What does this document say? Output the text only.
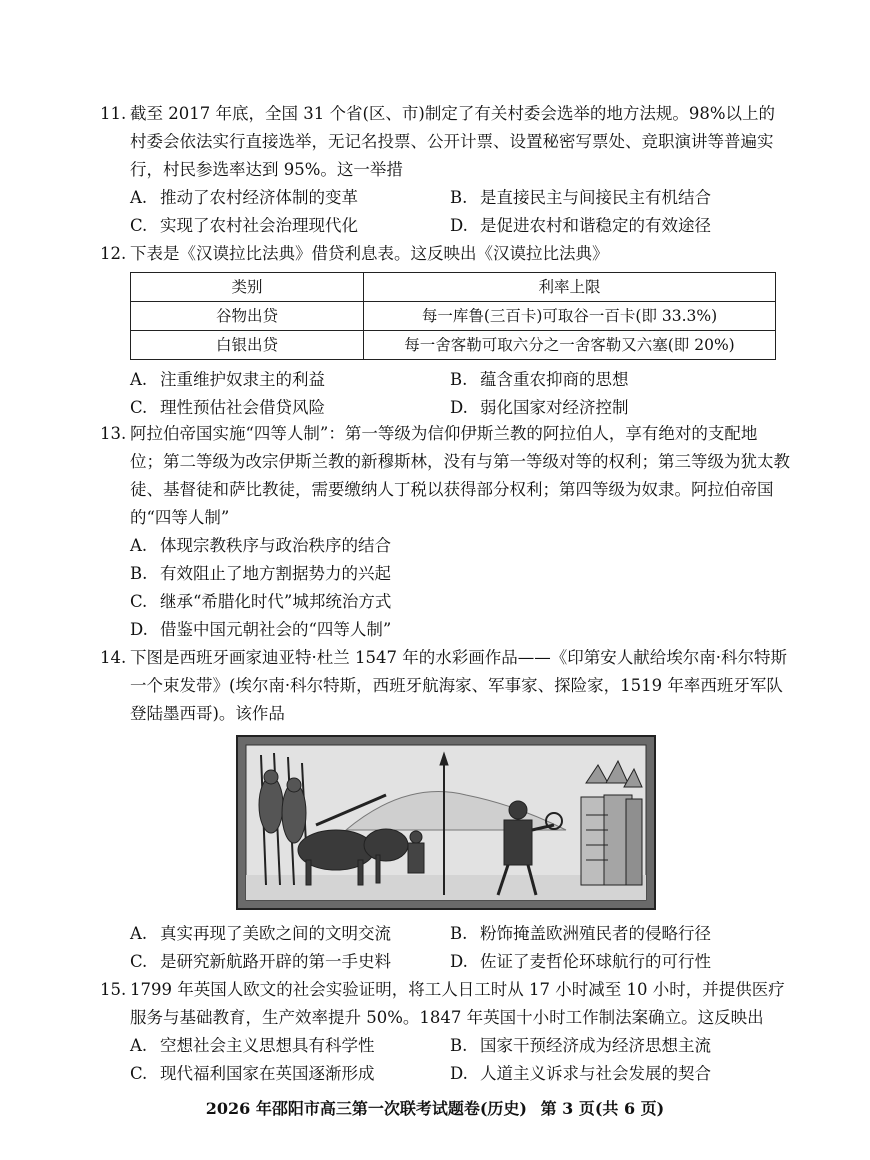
11. 截至 2017 年底，全国 31 个省(区、市)制定了有关村委会选举的地方法规。98%以上的村委会依法实行直接选举，无记名投票、公开计票、设置秘密写票处、竞职演讲等普遍实行，村民参选率达到 95%。这一举措
A. 推动了农村经济体制的变革	B. 是直接民主与间接民主有机结合
C. 实现了农村社会治理现代化	D. 是促进农村和谐稳定的有效途径
12. 下表是《汉谟拉比法典》借贷利息表。这反映出《汉谟拉比法典》
类别	利率上限
谷物出贷	每一库鲁(三百卡)可取谷一百卡(即 33.3%)
白银出贷	每一舍客勒可取六分之一舍客勒又六塞(即 20%)
A. 注重维护奴隶主的利益	B. 蕴含重农抑商的思想
C. 理性预估社会借贷风险	D. 弱化国家对经济控制
13. 阿拉伯帝国实施“四等人制”：第一等级为信仰伊斯兰教的阿拉伯人，享有绝对的支配地位；第二等级为改宗伊斯兰教的新穆斯林，没有与第一等级对等的权利；第三等级为犹太教徒、基督徒和萨比教徒，需要缴纳人丁税以获得部分权利；第四等级为奴隶。阿拉伯帝国的“四等人制”
A. 体现宗教秩序与政治秩序的结合
B. 有效阻止了地方割据势力的兴起
C. 继承“希腊化时代”城邦统治方式
D. 借鉴中国元朝社会的“四等人制”
14. 下图是西班牙画家迪亚特·杜兰 1547 年的水彩画作品——《印第安人献给埃尔南·科尔特斯一个束发带》(埃尔南·科尔特斯，西班牙航海家、军事家、探险家，1519 年率西班牙军队登陆墨西哥)。该作品
A. 真实再现了美欧之间的文明交流	B. 粉饰掩盖欧洲殖民者的侵略行径
C. 是研究新航路开辟的第一手史料	D. 佐证了麦哲伦环球航行的可行性
15. 1799 年英国人欧文的社会实验证明，将工人日工时从 17 小时减至 10 小时，并提供医疗服务与基础教育，生产效率提升 50%。1847 年英国十小时工作制法案确立。这反映出
A. 空想社会主义思想具有科学性	B. 国家干预经济成为经济思想主流
C. 现代福利国家在英国逐渐形成	D. 人道主义诉求与社会发展的契合
2026 年邵阳市高三第一次联考试题卷(历史) 第 3 页(共 6 页)
